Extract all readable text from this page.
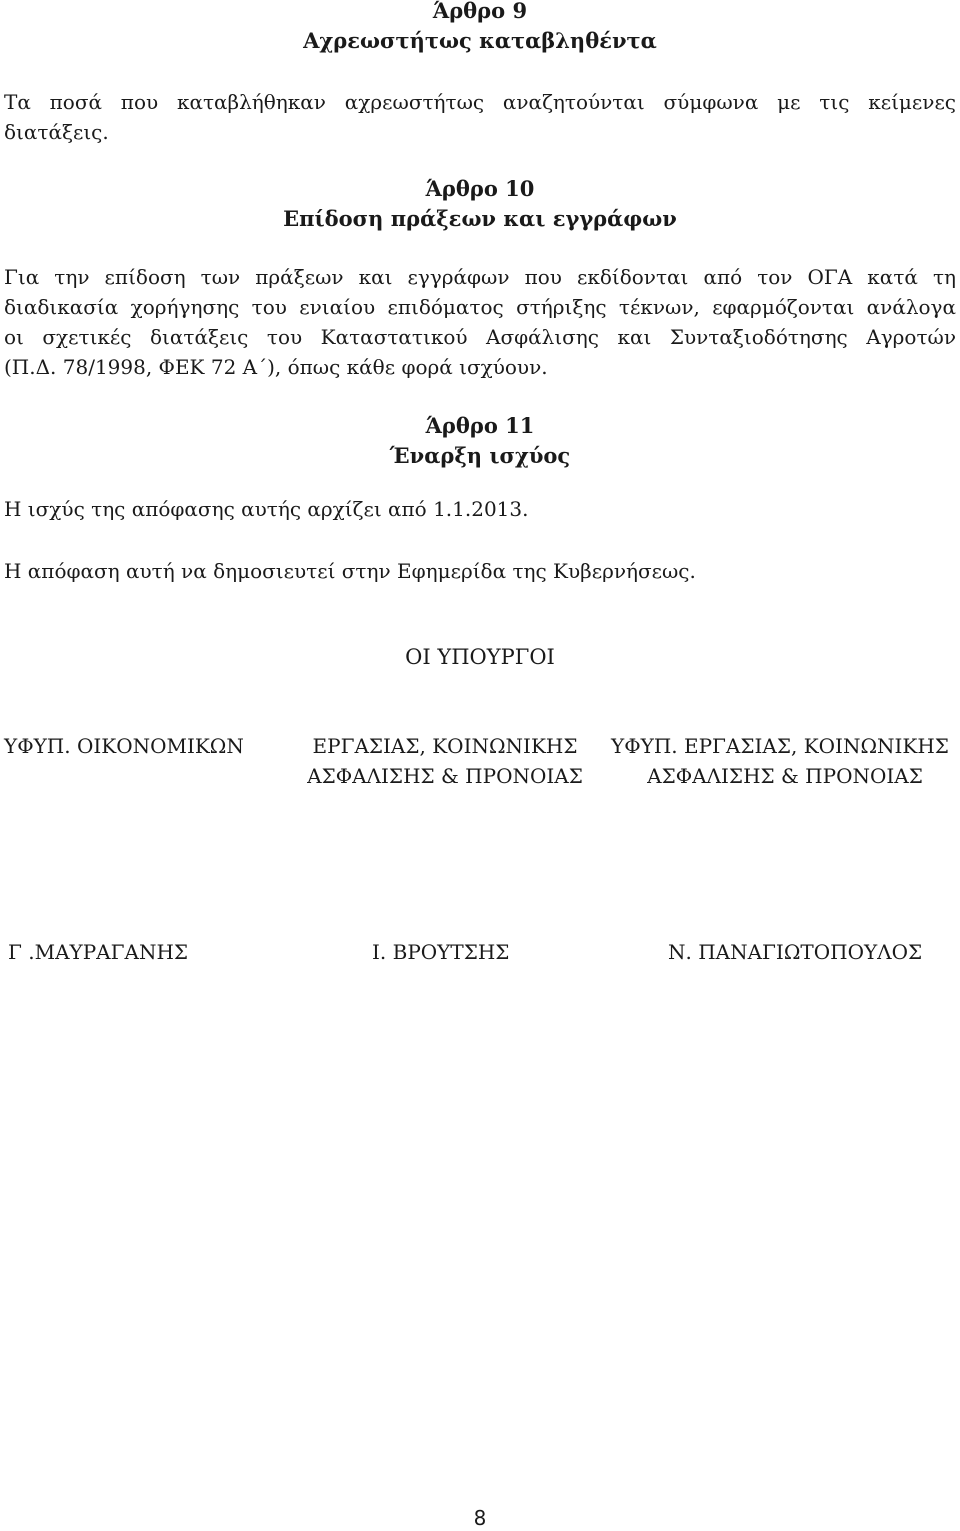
Άρθρο 9
Αχρεωστήτως καταβληθέντα
Τα ποσά που καταβλήθηκαν αχρεωστήτως αναζητούνται σύμφωνα με τις κείμενες
διατάξεις.
Άρθρο 10
Επίδοση πράξεων και εγγράφων
Για την επίδοση των πράξεων και εγγράφων που εκδίδονται από τον ΟΓΑ κατά τη
διαδικασία χορήγησης του ενιαίου επιδόματος στήριξης τέκνων, εφαρμόζονται ανάλογα
οι σχετικές διατάξεις του Καταστατικού Ασφάλισης και Συνταξιοδότησης Αγροτών
(Π.Δ. 78/1998, ΦΕΚ 72 Α΄), όπως κάθε φορά ισχύουν.
Άρθρο 11
Έναρξη ισχύος
Η ισχύς της απόφασης αυτής αρχίζει από 1.1.2013.
Η απόφαση αυτή να δημοσιευτεί στην Εφημερίδα της Κυβερνήσεως.
ΟΙ ΥΠΟΥΡΓΟΙ
ΥΦΥΠ. ΟΙΚΟΝΟΜΙΚΩΝ	ΕΡΓΑΣΙΑΣ, ΚΟΙΝΩΝΙΚΗΣ
ΑΣΦΑΛΙΣΗΣ & ΠΡΟΝΟΙΑΣ
ΥΦΥΠ. ΕΡΓΑΣΙΑΣ, ΚΟΙΝΩΝΙΚΗΣ
ΑΣΦΑΛΙΣΗΣ & ΠΡΟΝΟΙΑΣ
Γ .ΜΑΥΡΑΓΑΝΗΣ	Ι. ΒΡΟΥΤΣΗΣ	Ν. ΠΑΝΑΓΙΩΤΟΠΟΥΛΟΣ
8
